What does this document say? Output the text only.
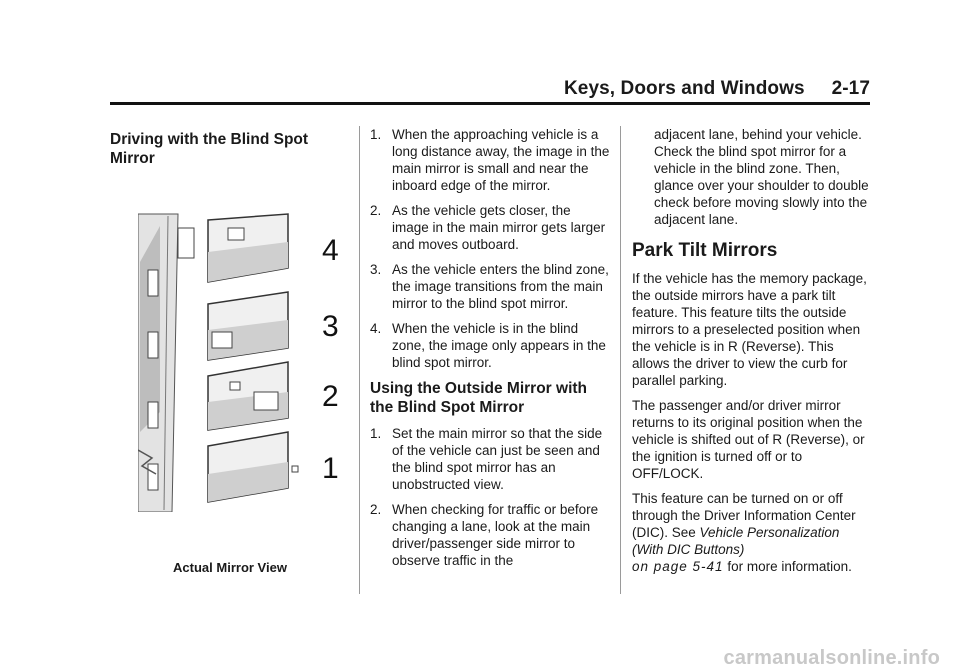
Keys, Doors and Windows     2-17
Driving with the Blind Spot Mirror
4
3
2
1
Actual Mirror View
1. When the approaching vehicle is a long distance away, the image in the main mirror is small and near the inboard edge of the mirror.
2. As the vehicle gets closer, the image in the main mirror gets larger and moves outboard.
3. As the vehicle enters the blind zone, the image transitions from the main mirror to the blind spot mirror.
4. When the vehicle is in the blind zone, the image only appears in the blind spot mirror.
Using the Outside Mirror with the Blind Spot Mirror
1. Set the main mirror so that the side of the vehicle can just be seen and the blind spot mirror has an unobstructed view.
2. When checking for traffic or before changing a lane, look at the main driver/passenger side mirror to observe traffic in the

adjacent lane, behind your vehicle. Check the blind spot mirror for a vehicle in the blind zone. Then, glance over your shoulder to double check before moving slowly into the adjacent lane.

Park Tilt Mirrors

If the vehicle has the memory package, the outside mirrors have a park tilt feature. This feature tilts the outside mirrors to a preselected position when the vehicle is in R (Reverse). This allows the driver to view the curb for parallel parking.

The passenger and/or driver mirror returns to its original position when the vehicle is shifted out of R (Reverse), or the ignition is turned off or to OFF/LOCK.

This feature can be turned on or off through the Driver Information Center (DIC). See Vehicle Personalization (With DIC Buttons)
on page 5-41 for more information.

carmanualsonline.info
